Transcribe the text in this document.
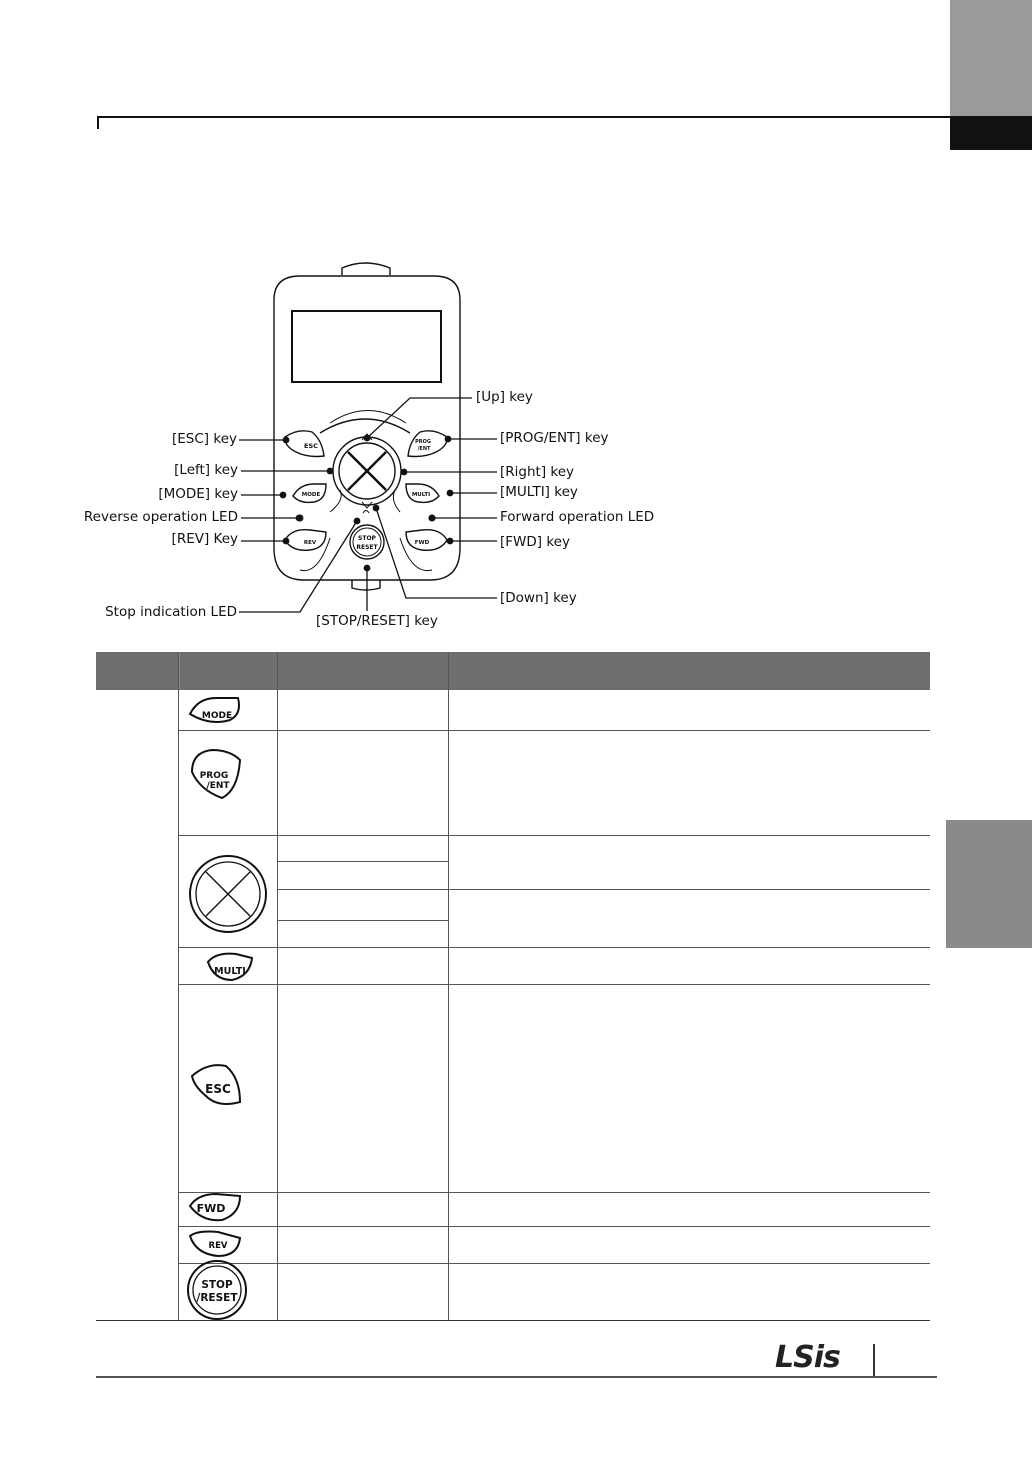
ESC	PROG
/ENT
MODE	MULTI
REV	FWD
STOP
RESET
[Up] key
[PROG/ENT] key
[ESC] key
[Right] key
[Left] key
[MULTI] key
[MODE] key
Forward operation LED
Reverse operation LED
[FWD] key
[REV] Key
[Down] key
Stop indication LED
[STOP/RESET] key
MODE
PROG
/ENT
MULTI
ESC
FWD
REV
STOP
/RESET
LSis
